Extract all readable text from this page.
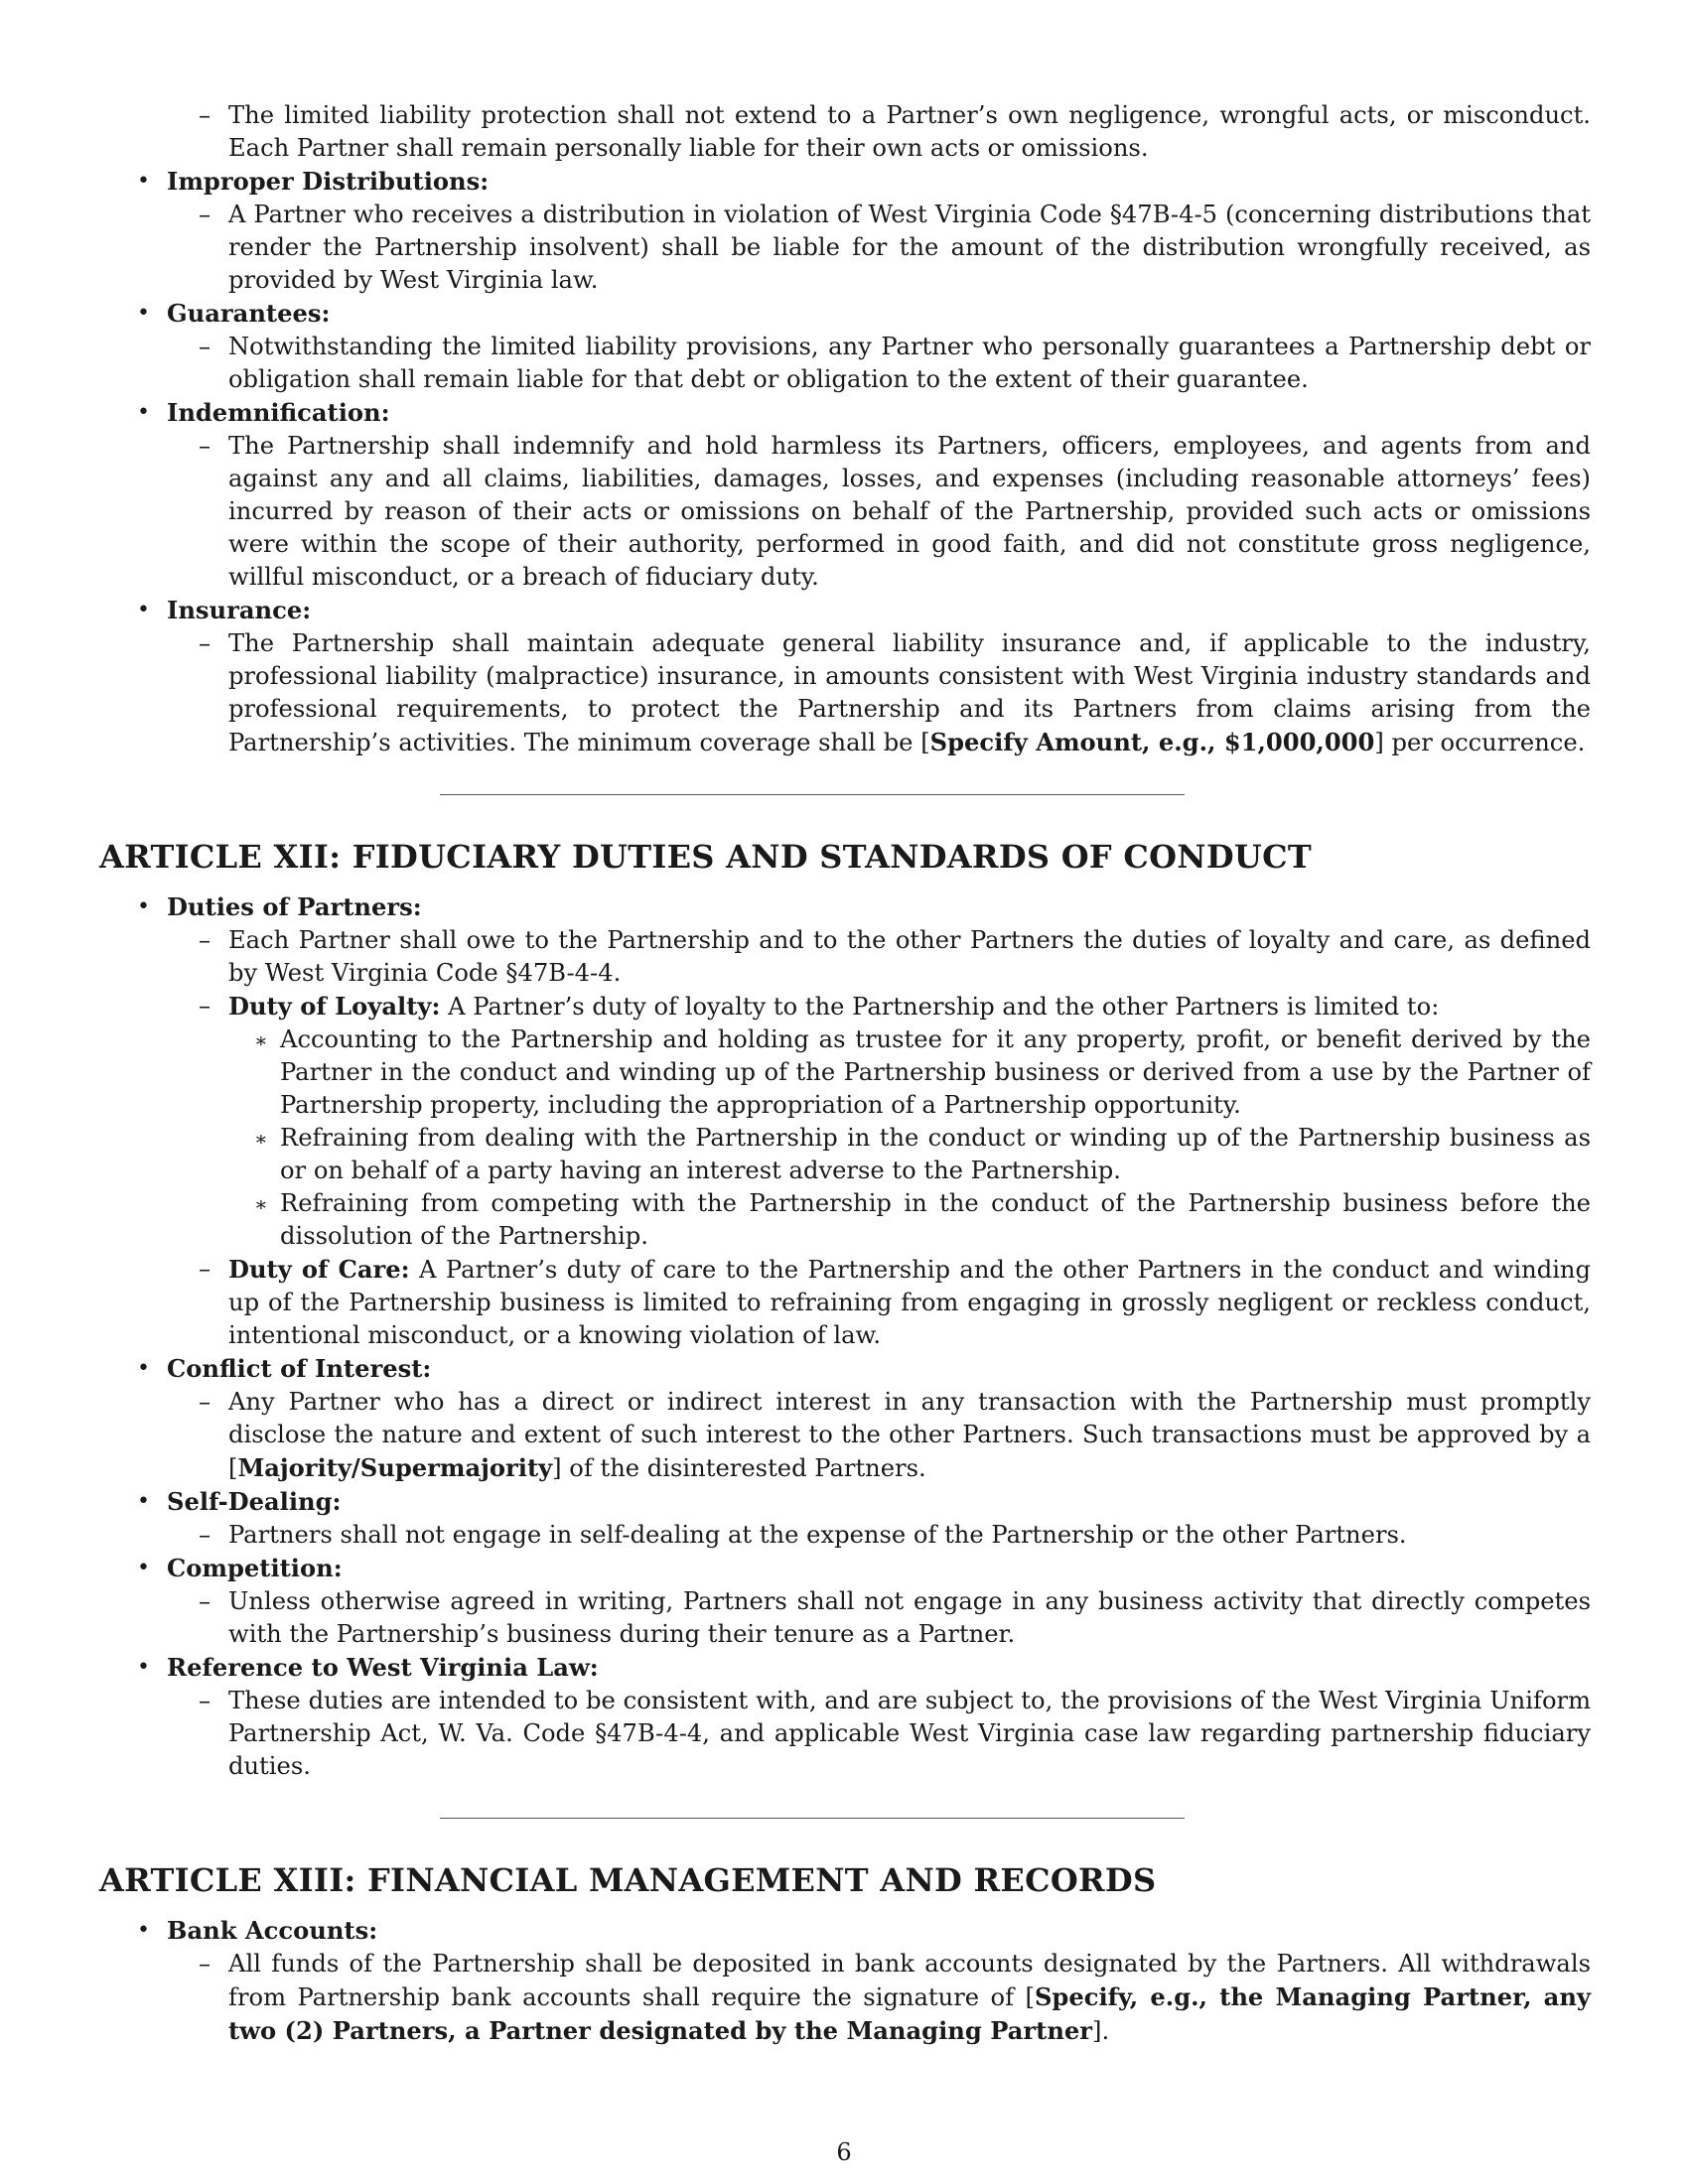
– The limited liability protection shall not extend to a Partner’s own negligence, wrongful acts, or misconduct. Each Partner shall remain personally liable for their own acts or omissions.

• Improper Distributions:

– A Partner who receives a distribution in violation of West Virginia Code §47B-4-5 (concerning distributions that render the Partnership insolvent) shall be liable for the amount of the distribution wrongfully received, as provided by West Virginia law.

• Guarantees:

– Notwithstanding the limited liability provisions, any Partner who personally guarantees a Partnership debt or obligation shall remain liable for that debt or obligation to the extent of their guarantee.

• Indemnification:

– The Partnership shall indemnify and hold harmless its Partners, officers, employees, and agents from and against any and all claims, liabilities, damages, losses, and expenses (including reasonable attorneys’ fees) incurred by reason of their acts or omissions on behalf of the Partnership, provided such acts or omissions were within the scope of their authority, performed in good faith, and did not constitute gross negligence, willful misconduct, or a breach of fiduciary duty.

• Insurance:

– The Partnership shall maintain adequate general liability insurance and, if applicable to the industry, professional liability (malpractice) insurance, in amounts consistent with West Virginia industry standards and professional requirements, to protect the Partnership and its Partners from claims arising from the Partnership’s activities. The minimum coverage shall be [Specify Amount, e.g., $1,000,000] per occurrence.

ARTICLE XII: FIDUCIARY DUTIES AND STANDARDS OF CONDUCT

• Duties of Partners:

– Each Partner shall owe to the Partnership and to the other Partners the duties of loyalty and care, as defined by West Virginia Code §47B-4-4.

– Duty of Loyalty: A Partner’s duty of loyalty to the Partnership and the other Partners is limited to:

∗ Accounting to the Partnership and holding as trustee for it any property, profit, or benefit derived by the Partner in the conduct and winding up of the Partnership business or derived from a use by the Partner of Partnership property, including the appropriation of a Partnership opportunity.

∗ Refraining from dealing with the Partnership in the conduct or winding up of the Partnership business as or on behalf of a party having an interest adverse to the Partnership.

∗ Refraining from competing with the Partnership in the conduct of the Partnership business before the dissolution of the Partnership.

– Duty of Care: A Partner’s duty of care to the Partnership and the other Partners in the conduct and winding up of the Partnership business is limited to refraining from engaging in grossly negligent or reckless conduct, intentional misconduct, or a knowing violation of law.

• Conflict of Interest:

– Any Partner who has a direct or indirect interest in any transaction with the Partnership must promptly disclose the nature and extent of such interest to the other Partners. Such transactions must be approved by a [Majority/Supermajority] of the disinterested Partners.

• Self-Dealing:

– Partners shall not engage in self-dealing at the expense of the Partnership or the other Partners.

• Competition:

– Unless otherwise agreed in writing, Partners shall not engage in any business activity that directly competes with the Partnership’s business during their tenure as a Partner.

• Reference to West Virginia Law:

– These duties are intended to be consistent with, and are subject to, the provisions of the West Virginia Uniform Partnership Act, W. Va. Code §47B-4-4, and applicable West Virginia case law regarding partnership fiduciary duties.

ARTICLE XIII: FINANCIAL MANAGEMENT AND RECORDS

• Bank Accounts:

– All funds of the Partnership shall be deposited in bank accounts designated by the Partners. All withdrawals from Partnership bank accounts shall require the signature of [Specify, e.g., the Managing Partner, any two (2) Partners, a Partner designated by the Managing Partner].

6
